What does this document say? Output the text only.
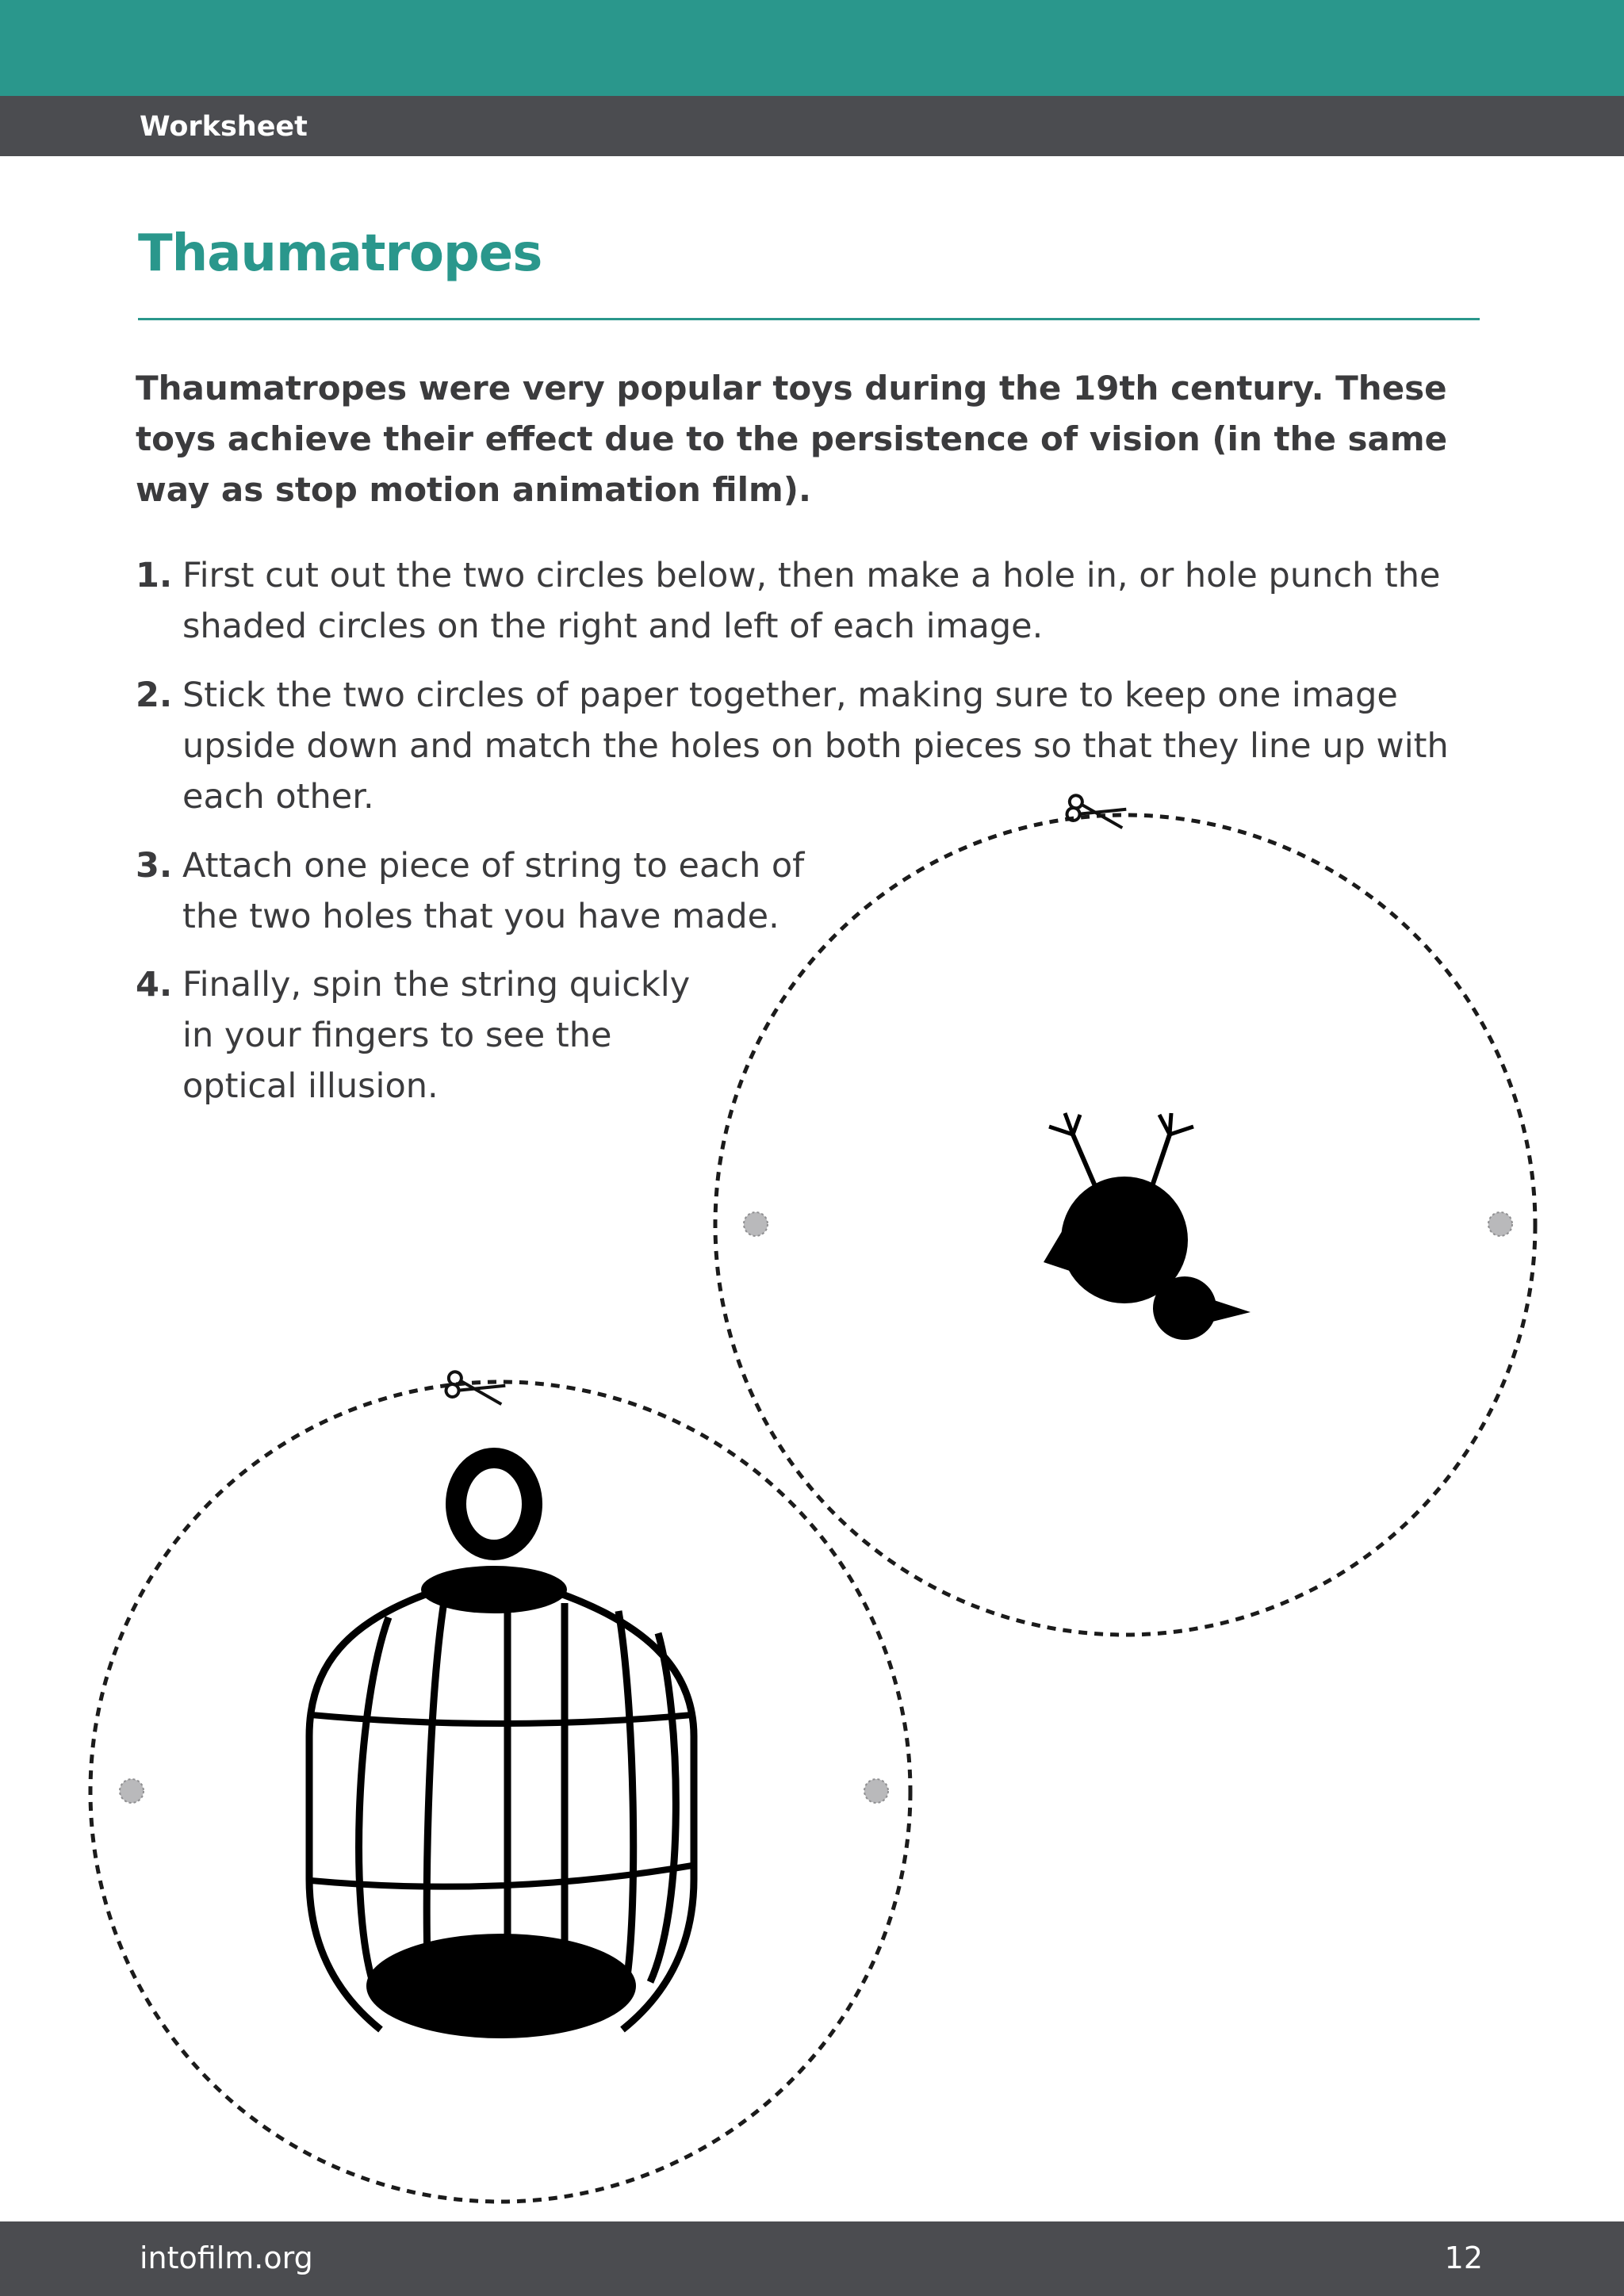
Worksheet
Thaumatropes

Thaumatropes were very popular toys during the 19th century. These toys achieve their effect due to the persistence of vision (in the same way as stop motion animation film).

1. First cut out the two circles below, then make a hole in, or hole punch the
shaded circles on the right and left of each image.
2. Stick the two circles of paper together, making sure to keep one image
upside down and match the holes on both pieces so that they line up with
each other.
3. Attach one piece of string to each of
the two holes that you have made.
4. Finally, spin the string quickly
in your fingers to see the
optical illusion.
intofilm.org	12
